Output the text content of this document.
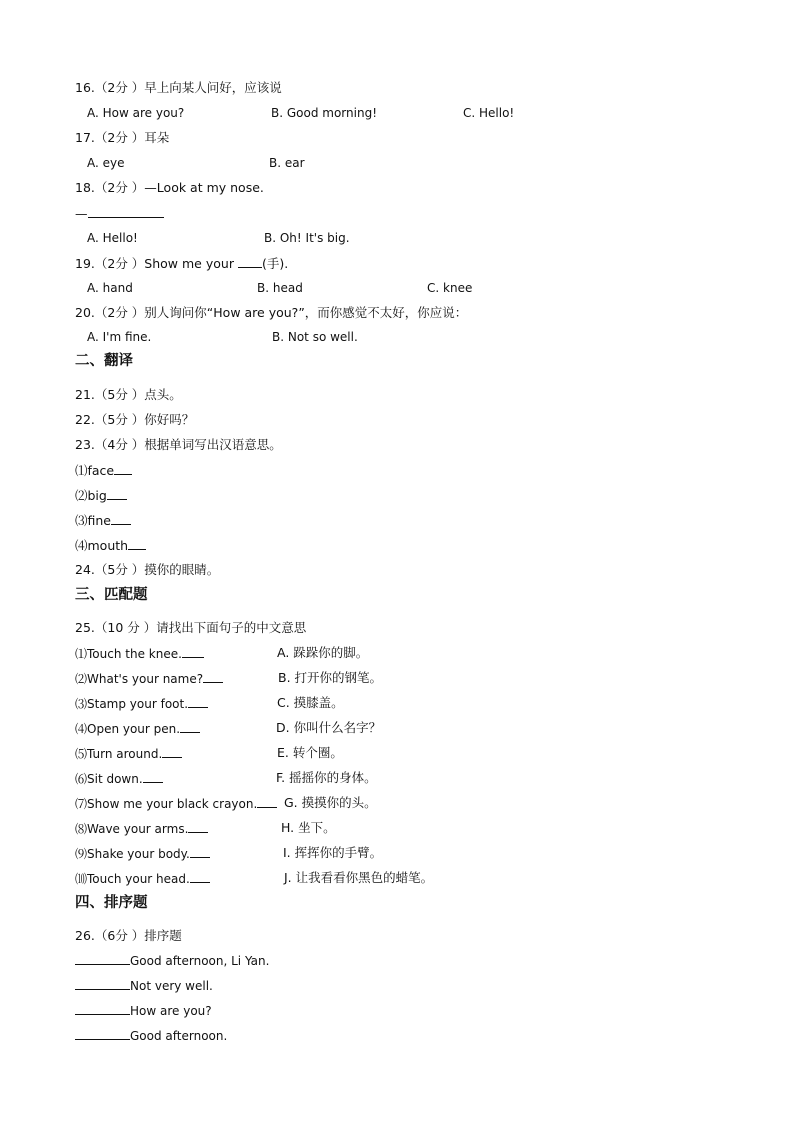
16.（2分 ）早上向某人问好，应该说
A. How are you?	B. Good morning!	C. Hello!
17.（2分 ）耳朵
A. eye	B. ear
18.（2分 ）—Look at my nose.
—
A. Hello!	B. Oh! It's big.
19.（2分 ）Show me your (手).
A. hand	B. head	C. knee
20.（2分 ）别人询问你“How are you?”，而你感觉不太好，你应说：
A. I'm fine.	B. Not so well.
二、翻译
21.（5分 ）点头。
22.（5分 ）你好吗？
23.（4分 ）根据单词写出汉语意思。
⑴face
⑵big
⑶fine
⑷mouth
24.（5分 ）摸你的眼睛。
三、匹配题
25.（10 分 ）请找出下面句子的中文意思
⑴Touch the knee.	A. 跺跺你的脚。
⑵What's your name?	B. 打开你的钢笔。
⑶Stamp your foot.	C. 摸膝盖。
⑷Open your pen.	D. 你叫什么名字？
⑸Turn around.	E. 转个圈。
⑹Sit down.	F. 摇摇你的身体。
⑺Show me your black crayon.	G. 摸摸你的头。
⑻Wave your arms.	H. 坐下。
⑼Shake your body.	I. 挥挥你的手臂。
⑽Touch your head.	J. 让我看看你黑色的蜡笔。
四、排序题
26.（6分 ）排序题
Good afternoon, Li Yan.
Not very well.
How are you?
Good afternoon.
